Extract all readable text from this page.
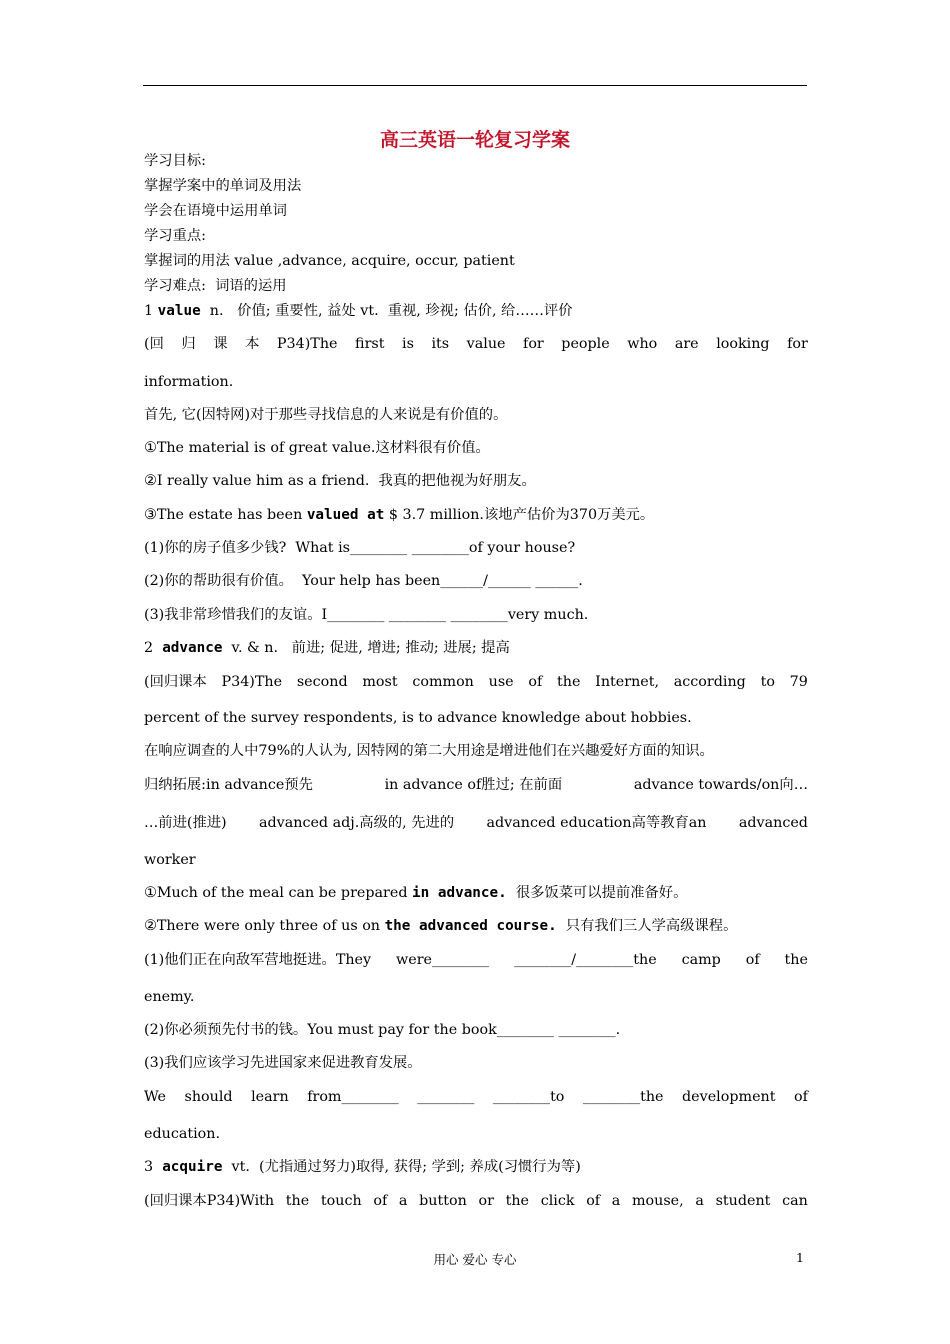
高三英语一轮复习学案
学习目标:
掌握学案中的单词及用法
学会在语境中运用单词
学习重点:
掌握词的用法 value ,advance, acquire, occur, patient
学习难点:  词语的运用
1 value  n.   价值; 重要性, 益处 vt.  重视, 珍视; 估价, 给……评价
(回 归 课 本 P34)The first is its value for people who are looking for
information.
首先, 它(因特网)对于那些寻找信息的人来说是有价值的。
①The material is of great value.这材料很有价值。
②I really value him as a friend.  我真的把他视为好朋友。
③The estate has been valued at $ 3.7 million.该地产估价为370万美元。
(1)你的房子值多少钱?  What is________ ________of your house?
(2)你的帮助很有价值。  Your help has been______/______ ______.
(3)我非常珍惜我们的友谊。I________ ________ ________very much.
2 advance  v. & n.   前进; 促进, 增进; 推动; 进展; 提高
(回归课本 P34)The second most common use of the Internet, according to 79
percent of the survey respondents, is to advance knowledge about hobbies.
在响应调查的人中79%的人认为, 因特网的第二大用途是增进他们在兴趣爱好方面的知识。
归纳拓展:in advance预先	in advance of胜过; 在前面	advance towards/on向…
…前进(推进) advanced adj.高级的, 先进的 advanced education高等教育an advanced
worker
①Much of the meal can be prepared in advance.  很多饭菜可以提前准备好。
②There were only three of us on the advanced course.  只有我们三人学高级课程。
(1)他们正在向敌军营地挺进。They were________ ________/________the camp of the
enemy.
(2)你必须预先付书的钱。You must pay for the book________ ________.
(3)我们应该学习先进国家来促进教育发展。
We should learn from________ ________ ________to ________the development of
education.
3 acquire  vt.  (尤指通过努力)取得, 获得; 学到; 养成(习惯行为等)
(回归课本P34)With the touch of a button or the click of a mouse, a student can
用心 爱心 专心	1
